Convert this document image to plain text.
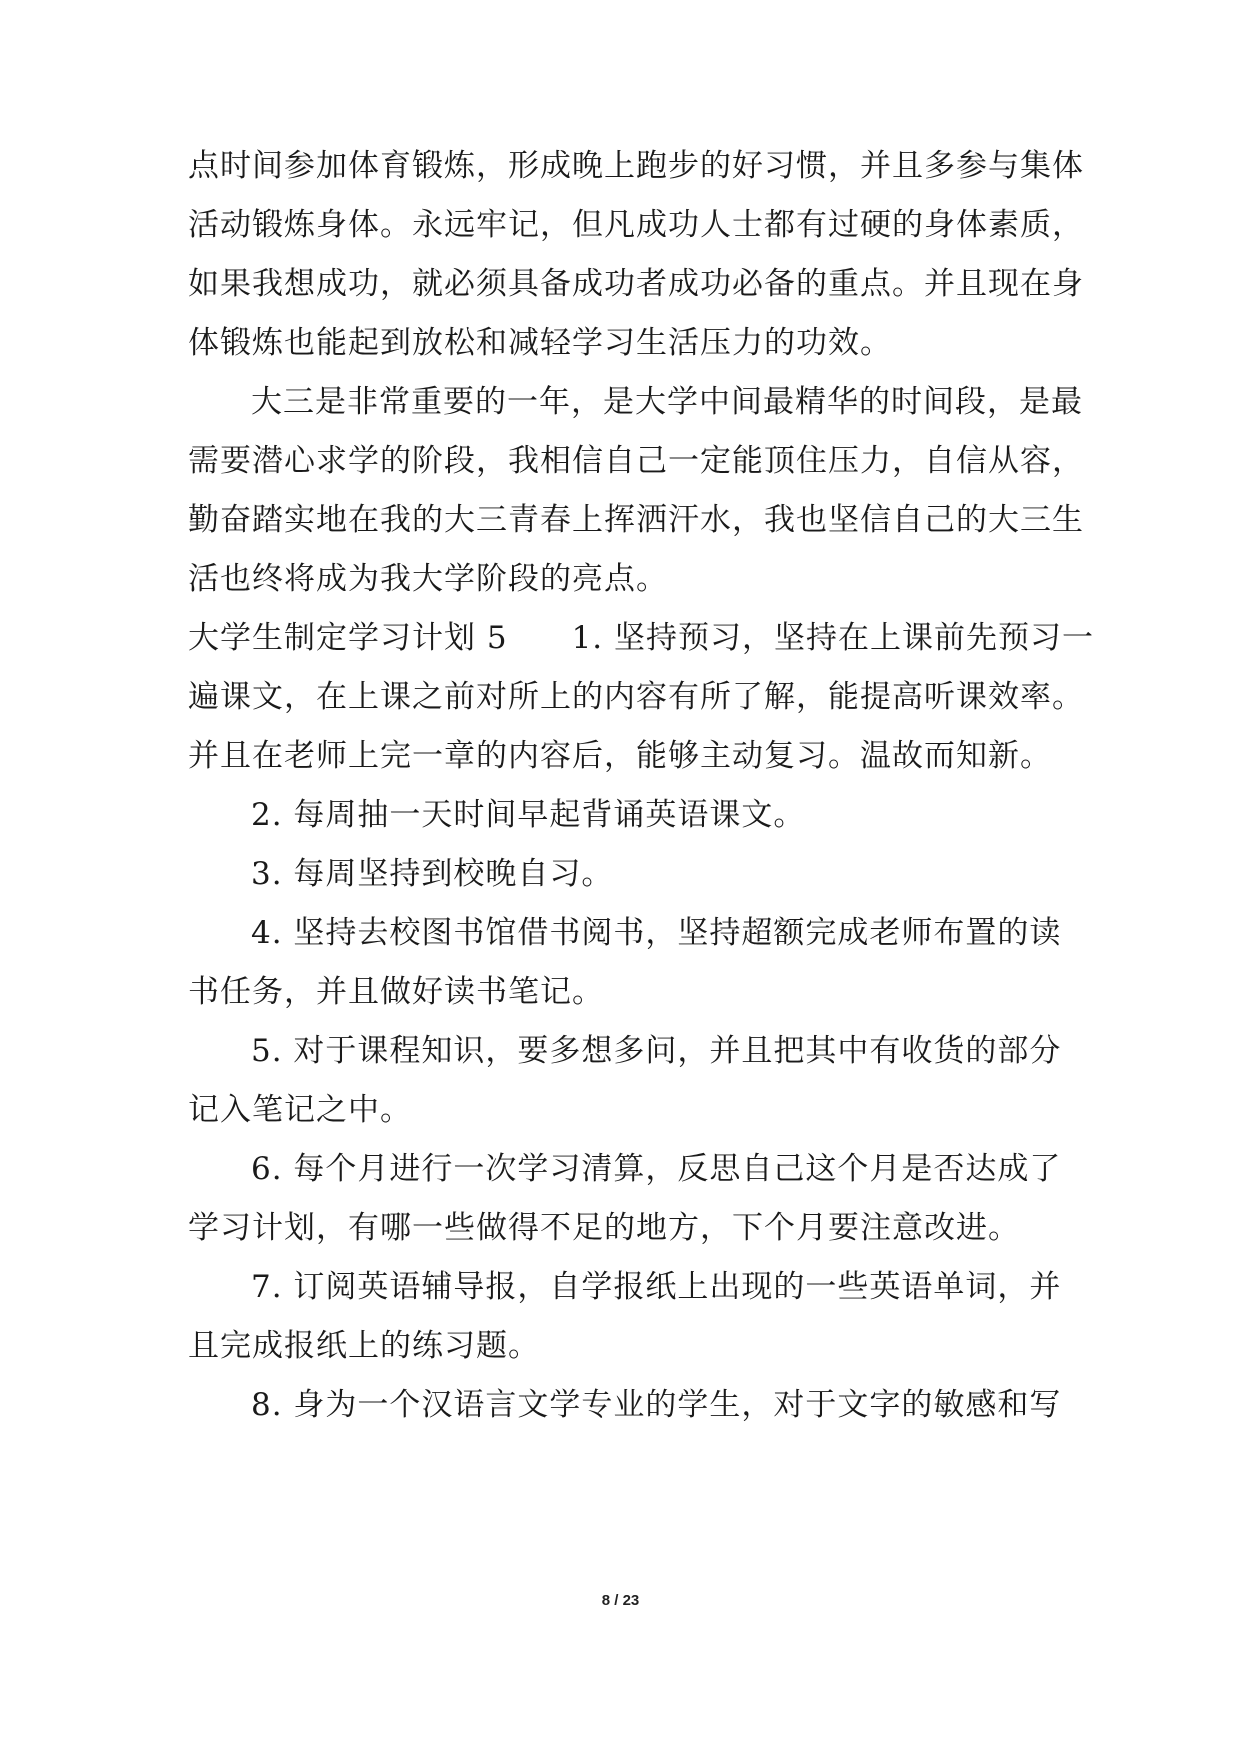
点时间参加体育锻炼，形成晚上跑步的好习惯，并且多参与集体
活动锻炼身体。永远牢记，但凡成功人士都有过硬的身体素质，
如果我想成功，就必须具备成功者成功必备的重点。并且现在身
体锻炼也能起到放松和减轻学习生活压力的功效。
大三是非常重要的一年，是大学中间最精华的时间段，是最
需要潜心求学的阶段，我相信自己一定能顶住压力，自信从容，
勤奋踏实地在我的大三青春上挥洒汗水，我也坚信自己的大三生
活也终将成为我大学阶段的亮点。
大学生制定学习计划 5　　1. 坚持预习，坚持在上课前先预习一
遍课文，在上课之前对所上的内容有所了解，能提高听课效率。
并且在老师上完一章的内容后，能够主动复习。温故而知新。
2. 每周抽一天时间早起背诵英语课文。
3. 每周坚持到校晚自习。
4. 坚持去校图书馆借书阅书，坚持超额完成老师布置的读
书任务，并且做好读书笔记。
5. 对于课程知识，要多想多问，并且把其中有收货的部分
记入笔记之中。
6. 每个月进行一次学习清算，反思自己这个月是否达成了
学习计划，有哪一些做得不足的地方，下个月要注意改进。
7. 订阅英语辅导报，自学报纸上出现的一些英语单词，并
且完成报纸上的练习题。
8. 身为一个汉语言文学专业的学生，对于文字的敏感和写
8 / 23
